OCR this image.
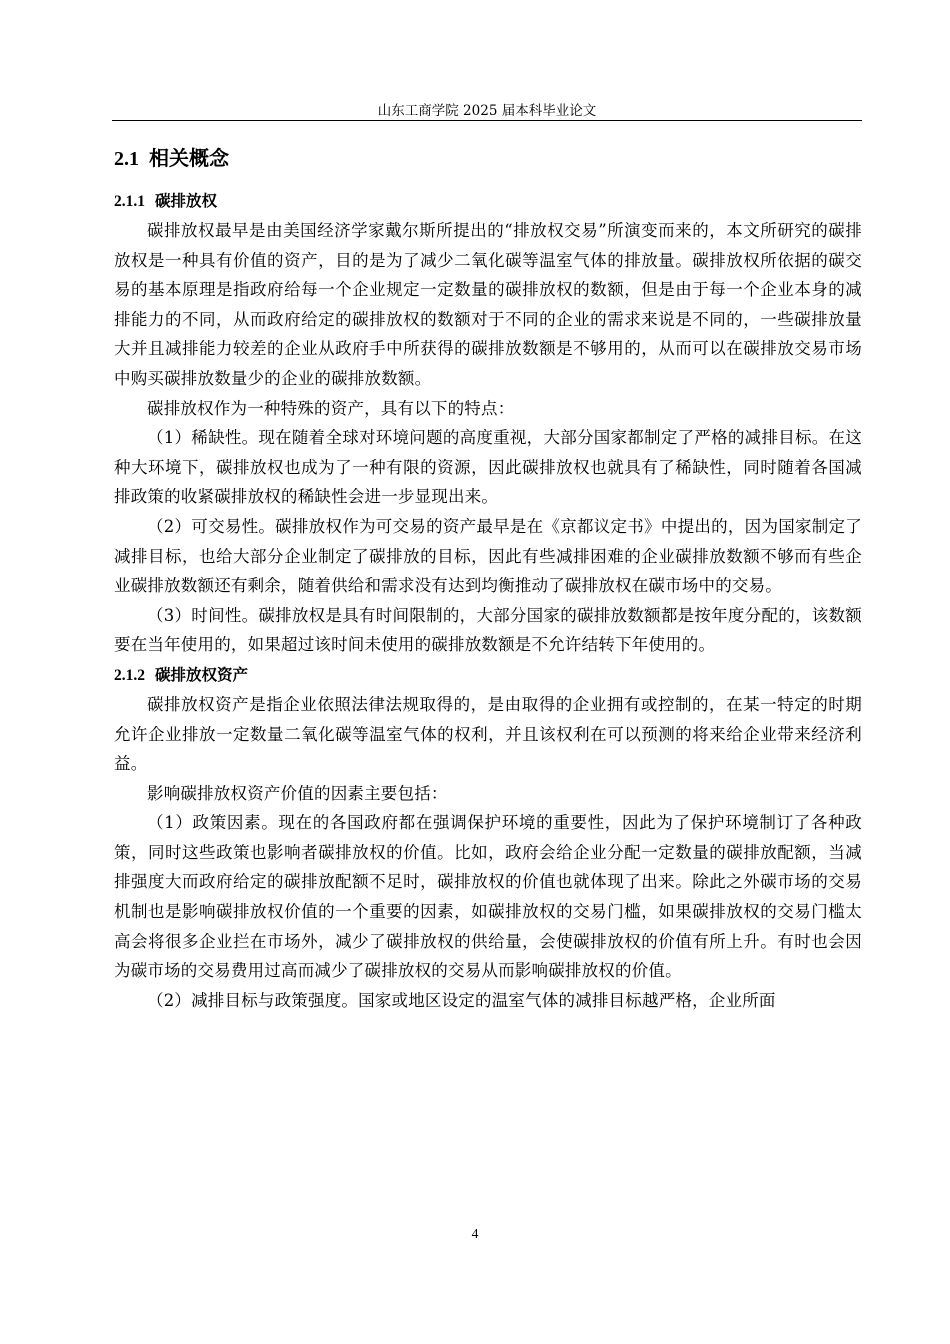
山东工商学院 2025 届本科毕业论文
2.1 相关概念
2.1.1 碳排放权

碳排放权最早是由美国经济学家戴尔斯所提出的“排放权交易”所演变而来的，本文所研究的碳排放权是一种具有价值的资产，目的是为了减少二氧化碳等温室气体的排放量。碳排放权所依据的碳交易的基本原理是指政府给每一个企业规定一定数量的碳排放权的数额，但是由于每一个企业本身的减排能力的不同，从而政府给定的碳排放权的数额对于不同的企业的需求来说是不同的，一些碳排放量大并且减排能力较差的企业从政府手中所获得的碳排放数额是不够用的，从而可以在碳排放交易市场中购买碳排放数量少的企业的碳排放数额。

碳排放权作为一种特殊的资产，具有以下的特点：

（1）稀缺性。现在随着全球对环境问题的高度重视，大部分国家都制定了严格的减排目标。在这种大环境下，碳排放权也成为了一种有限的资源，因此碳排放权也就具有了稀缺性，同时随着各国减排政策的收紧碳排放权的稀缺性会进一步显现出来。

（2）可交易性。碳排放权作为可交易的资产最早是在《京都议定书》中提出的，因为国家制定了减排目标，也给大部分企业制定了碳排放的目标，因此有些减排困难的企业碳排放数额不够而有些企业碳排放数额还有剩余，随着供给和需求没有达到均衡推动了碳排放权在碳市场中的交易。

（3）时间性。碳排放权是具有时间限制的，大部分国家的碳排放数额都是按年度分配的，该数额要在当年使用的，如果超过该时间未使用的碳排放数额是不允许结转下年使用的。

2.1.2 碳排放权资产

碳排放权资产是指企业依照法律法规取得的，是由取得的企业拥有或控制的，在某一特定的时期允许企业排放一定数量二氧化碳等温室气体的权利，并且该权利在可以预测的将来给企业带来经济利益。

影响碳排放权资产价值的因素主要包括：

（1）政策因素。现在的各国政府都在强调保护环境的重要性，因此为了保护环境制订了各种政策，同时这些政策也影响者碳排放权的价值。比如，政府会给企业分配一定数量的碳排放配额，当减排强度大而政府给定的碳排放配额不足时，碳排放权的价值也就体现了出来。除此之外碳市场的交易机制也是影响碳排放权价值的一个重要的因素，如碳排放权的交易门槛，如果碳排放权的交易门槛太高会将很多企业拦在市场外，减少了碳排放权的供给量，会使碳排放权的价值有所上升。有时也会因为碳市场的交易费用过高而减少了碳排放权的交易从而影响碳排放权的价值。

（2）减排目标与政策强度。国家或地区设定的温室气体的减排目标越严格，企业所面

4
